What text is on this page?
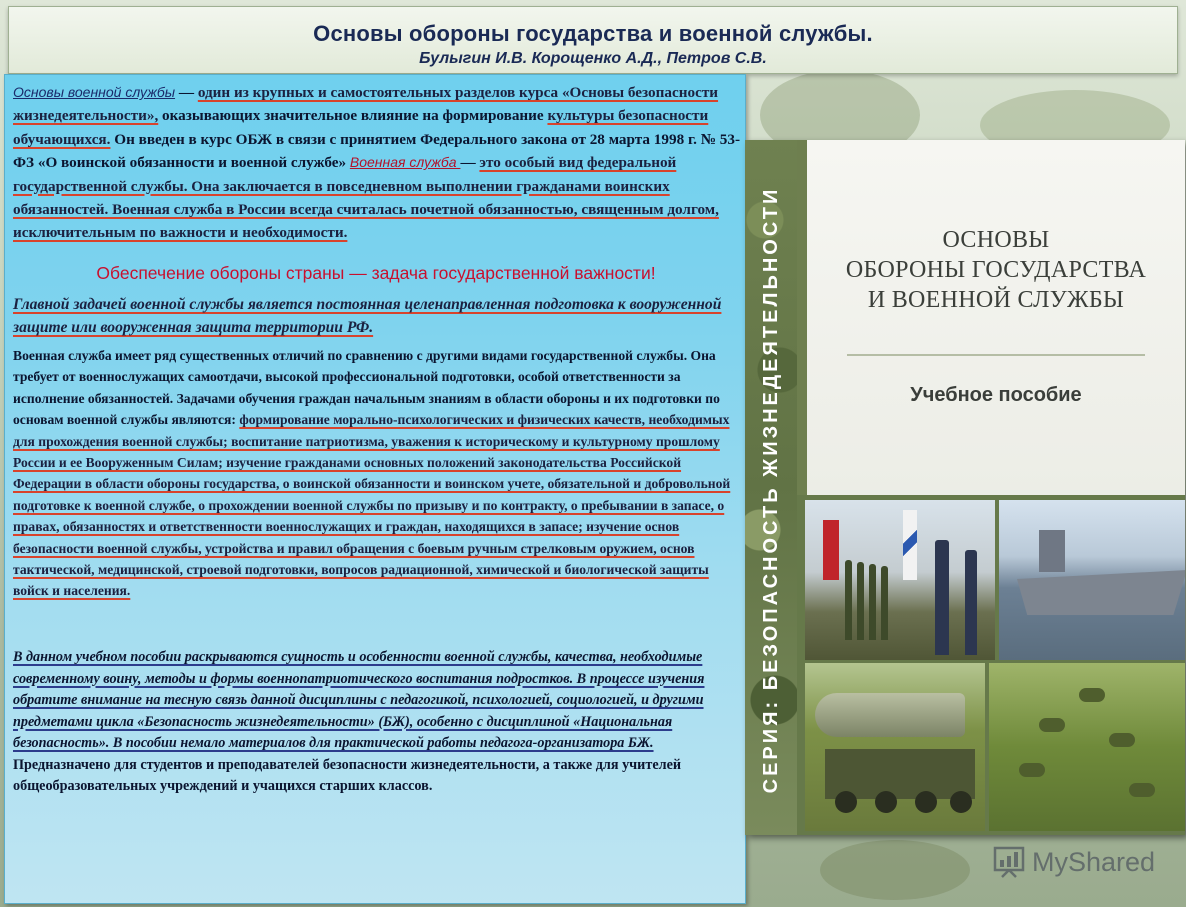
Основы обороны государства и военной службы.
Булыгин И.В. Корощенко А.Д., Петров С.В.
Основы военной службы — один из крупных и самостоятельных разделов курса «Основы безопасности жизнедеятельности», оказывающих значительное влияние на формирование культуры безопасности обучающихся. Он введен в курс ОБЖ в связи с принятием Федерального закона от 28 марта 1998 г. № 53-ФЗ «О воинской обязанности и военной службе» Военная служба — это особый вид федеральной государственной службы. Она заключается в повседневном выполнении гражданами воинских обязанностей. Военная служба в России всегда считалась почетной обязанностью, священным долгом, исключительным по важности и необходимости.
Обеспечение обороны страны — задача государственной важности!
Главной задачей военной службы является постоянная целенаправленная подготовка к вооруженной защите или вооруженная защита территории РФ.
Военная служба имеет ряд существенных отличий по сравнению с другими видами государственной службы. Она требует от военнослужащих самоотдачи, высокой профессиональной подготовки, особой ответственности за исполнение обязанностей. Задачами обучения граждан начальным знаниям в области обороны и их подготовки по основам военной службы являются: формирование морально-психологических и физических качеств, необходимых для прохождения военной службы; воспитание патриотизма, уважения к историческому и культурному прошлому России и ее Вооруженным Силам; изучение гражданами основных положений законодательства Российской Федерации в области обороны государства, о воинской обязанности и воинском учете, обязательной и добровольной подготовке к военной службе, о прохождении военной службы по призыву и по контракту, о пребывании в запасе, о правах, обязанностях и ответственности военнослужащих и граждан, находящихся в запасе; изучение основ безопасности военной службы, устройства и правил обращения с боевым ручным стрелковым оружием, основ тактической, медицинской, строевой подготовки, вопросов радиационной, химической и биологической защиты войск и населения.
В данном учебном пособии раскрываются сущность и особенности военной службы, качества, необходимые современному воину, методы и формы военнопатриотического воспитания подростков. В процессе изучения обратите внимание на тесную связь данной дисциплины с педагогикой, психологией, социологией, и другими предметами цикла «Безопасность жизнедеятельности» (БЖ), особенно с дисциплиной «Национальная безопасность». В пособии немало материалов для практической работы педагога-организатора БЖ. Предназначено для студентов и преподавателей безопасности жизнедеятельности, а также для учителей общеобразовательных учреждений и учащихся старших классов.	СЕРИЯ: БЕЗОПАСНОСТЬ ЖИЗНЕДЕЯТЕЛЬНОСТИ	ОСНОВЫ
ОБОРОНЫ ГОСУДАРСТВА
И ВОЕННОЙ СЛУЖБЫ
Учебное пособие
MyShared
